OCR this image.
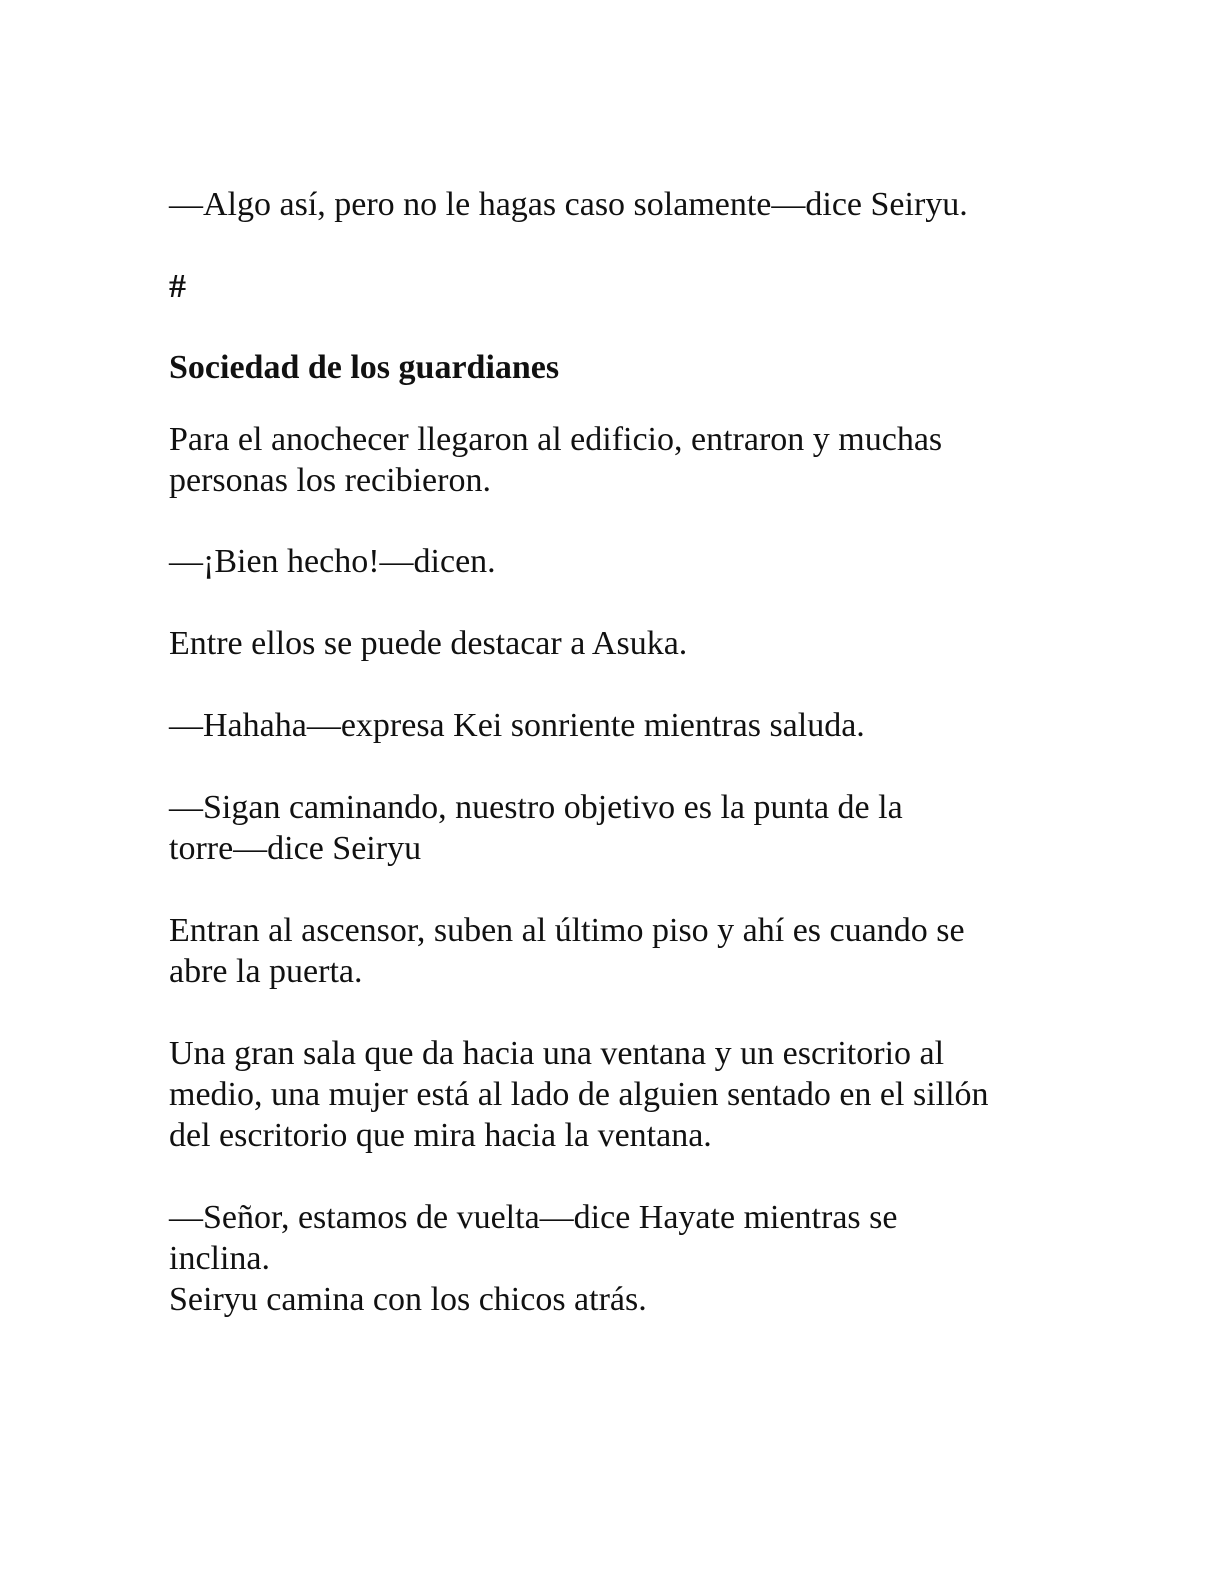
—Algo así, pero no le hagas caso solamente—dice Seiryu.

#

Sociedad de los guardianes

Para el anochecer llegaron al edificio, entraron y muchas
personas los recibieron.

—¡Bien hecho!—dicen.

Entre ellos se puede destacar a Asuka.

—Hahaha—expresa Kei sonriente mientras saluda.

—Sigan caminando, nuestro objetivo es la punta de la
torre—dice Seiryu

Entran al ascensor, suben al último piso y ahí es cuando se
abre la puerta.

Una gran sala que da hacia una ventana y un escritorio al
medio, una mujer está al lado de alguien sentado en el sillón
del escritorio que mira hacia la ventana.

—Señor, estamos de vuelta—dice Hayate mientras se
inclina.
Seiryu camina con los chicos atrás.
